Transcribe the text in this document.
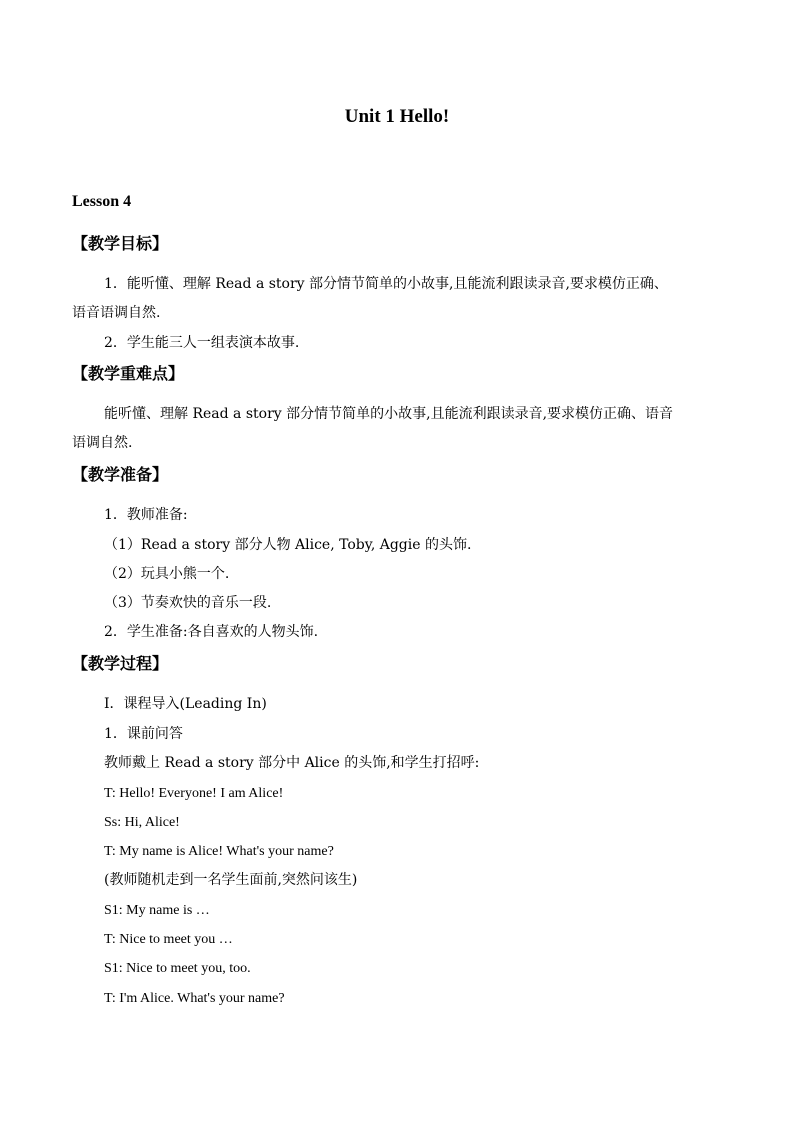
Unit 1 Hello!
Lesson 4
【教学目标】
1．能听懂、理解 Read a story 部分情节简单的小故事,且能流利跟读录音,要求模仿正确、
语音语调自然.
2．学生能三人一组表演本故事.
【教学重难点】
能听懂、理解 Read a story 部分情节简单的小故事,且能流利跟读录音,要求模仿正确、语音
语调自然.
【教学准备】
1．教师准备:
（1）Read a story 部分人物 Alice, Toby, Aggie 的头饰.
（2）玩具小熊一个.
（3）节奏欢快的音乐一段.
2．学生准备:各自喜欢的人物头饰.
【教学过程】
Ⅰ．课程导入(Leading In)
1．课前问答
教师戴上 Read a story 部分中 Alice 的头饰,和学生打招呼:
T: Hello! Everyone! I am Alice!
Ss: Hi, Alice!
T: My name is Alice! What's your name?
(教师随机走到一名学生面前,突然问该生)
S1: My name is …
T: Nice to meet you …
S1: Nice to meet you, too.
T: I'm Alice. What's your name?
